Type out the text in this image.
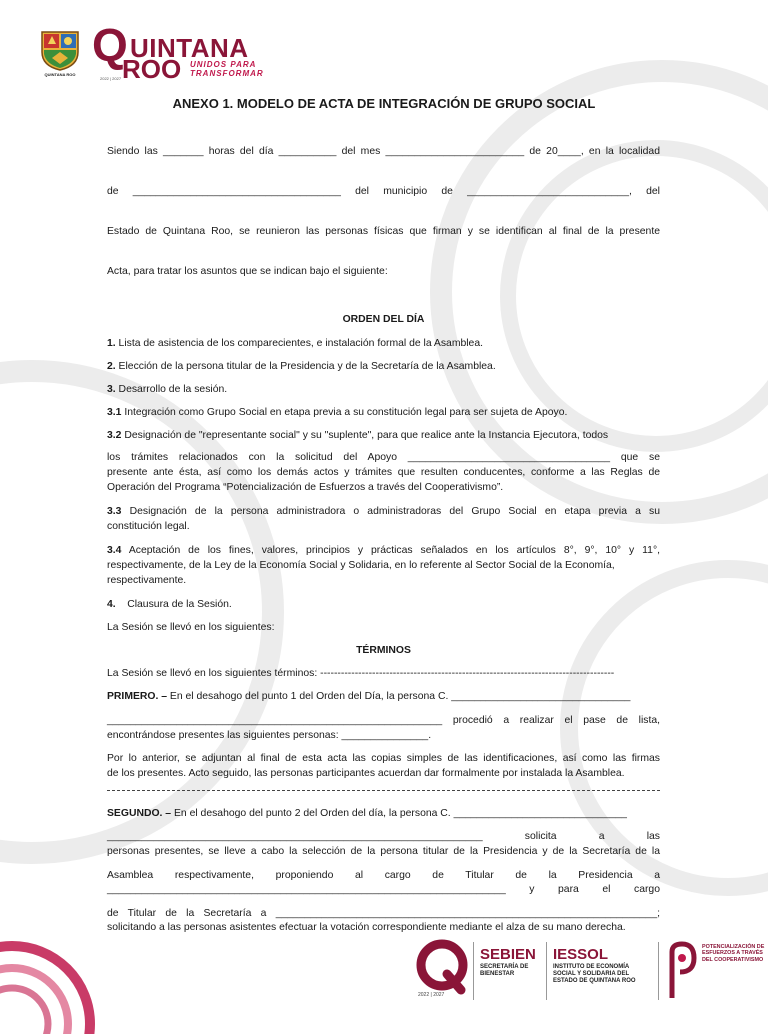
QUINTANA ROO
Q UINTANA
ROO UNIDOS PARA
TRANSFORMAR
2022 | 2027
ANEXO 1. MODELO DE ACTA DE INTEGRACIÓN DE GRUPO SOCIAL
Siendo las _______ horas del día __________ del mes ________________________ de 20____, en la localidad
de ____________________________________ del municipio de ____________________________, del
Estado de Quintana Roo, se reunieron las personas físicas que firman y se identifican al final de la presente
Acta, para tratar los asuntos que se indican bajo el siguiente:
ORDEN DEL DÍA
1. Lista de asistencia de los comparecientes, e instalación formal de la Asamblea.
2. Elección de la persona titular de la Presidencia y de la Secretaría de la Asamblea.
3. Desarrollo de la sesión.
3.1 Integración como Grupo Social en etapa previa a su constitución legal para ser sujeta de Apoyo.
3.2 Designación de "representante social" y su "suplente", para que realice ante la Instancia Ejecutora, todos
los trámites relacionados con la solicitud del Apoyo ___________________________________ que se
presente ante ésta, así como los demás actos y trámites que resulten conducentes, conforme a las Reglas de
Operación del Programa “Potencialización de Esfuerzos a través del Cooperativismo”.
3.3 Designación de la persona administradora o administradoras del Grupo Social en etapa previa a su
constitución legal.
3.4 Aceptación de los fines, valores, principios y prácticas señalados en los artículos 8°, 9°, 10° y 11°,
respectivamente, de la Ley de la Economía Social y Solidaria, en lo referente al Sector Social de la Economía,
respectivamente.
4.    Clausura de la Sesión.
La Sesión se llevó en los siguientes:
TÉRMINOS
La Sesión se llevó en los siguientes términos: -------------------------------------------------------------------------------------
PRIMERO. – En el desahogo del punto 1 del Orden del Día, la persona C. _______________________________
__________________________________________________________ procedió a realizar el pase de lista,
encontrándose presentes las siguientes personas: _______________.
Por lo anterior, se adjuntan al final de esta acta las copias simples de las identificaciones, así como las firmas
de los presentes. Acto seguido, las personas participantes acuerdan dar formalmente por instalada la Asamblea.
SEGUNDO. – En el desahogo del punto 2 del Orden del día, la persona C. ______________________________
_________________________________________________________________ solicita a las
personas presentes, se lleve a cabo la selección de la persona titular de la Presidencia y de la Secretaría de la
Asamblea respectivamente, proponiendo al cargo de Titular de la Presidencia a
_____________________________________________________________________ y para el cargo
de Titular de la Secretaría a __________________________________________________________________;
solicitando a las personas asistentes efectuar la votación correspondiente mediante el alza de su mano derecha.
2022 | 2027
SEBIEN
SECRETARÍA DE BIENESTAR
IESSOL
INSTITUTO DE ECONOMÍA SOCIAL Y SOLIDARIA DEL ESTADO DE QUINTANA ROO
POTENCIALIZACIÓN DE ESFUERZOS A TRAVÉS DEL COOPERATIVISMO
